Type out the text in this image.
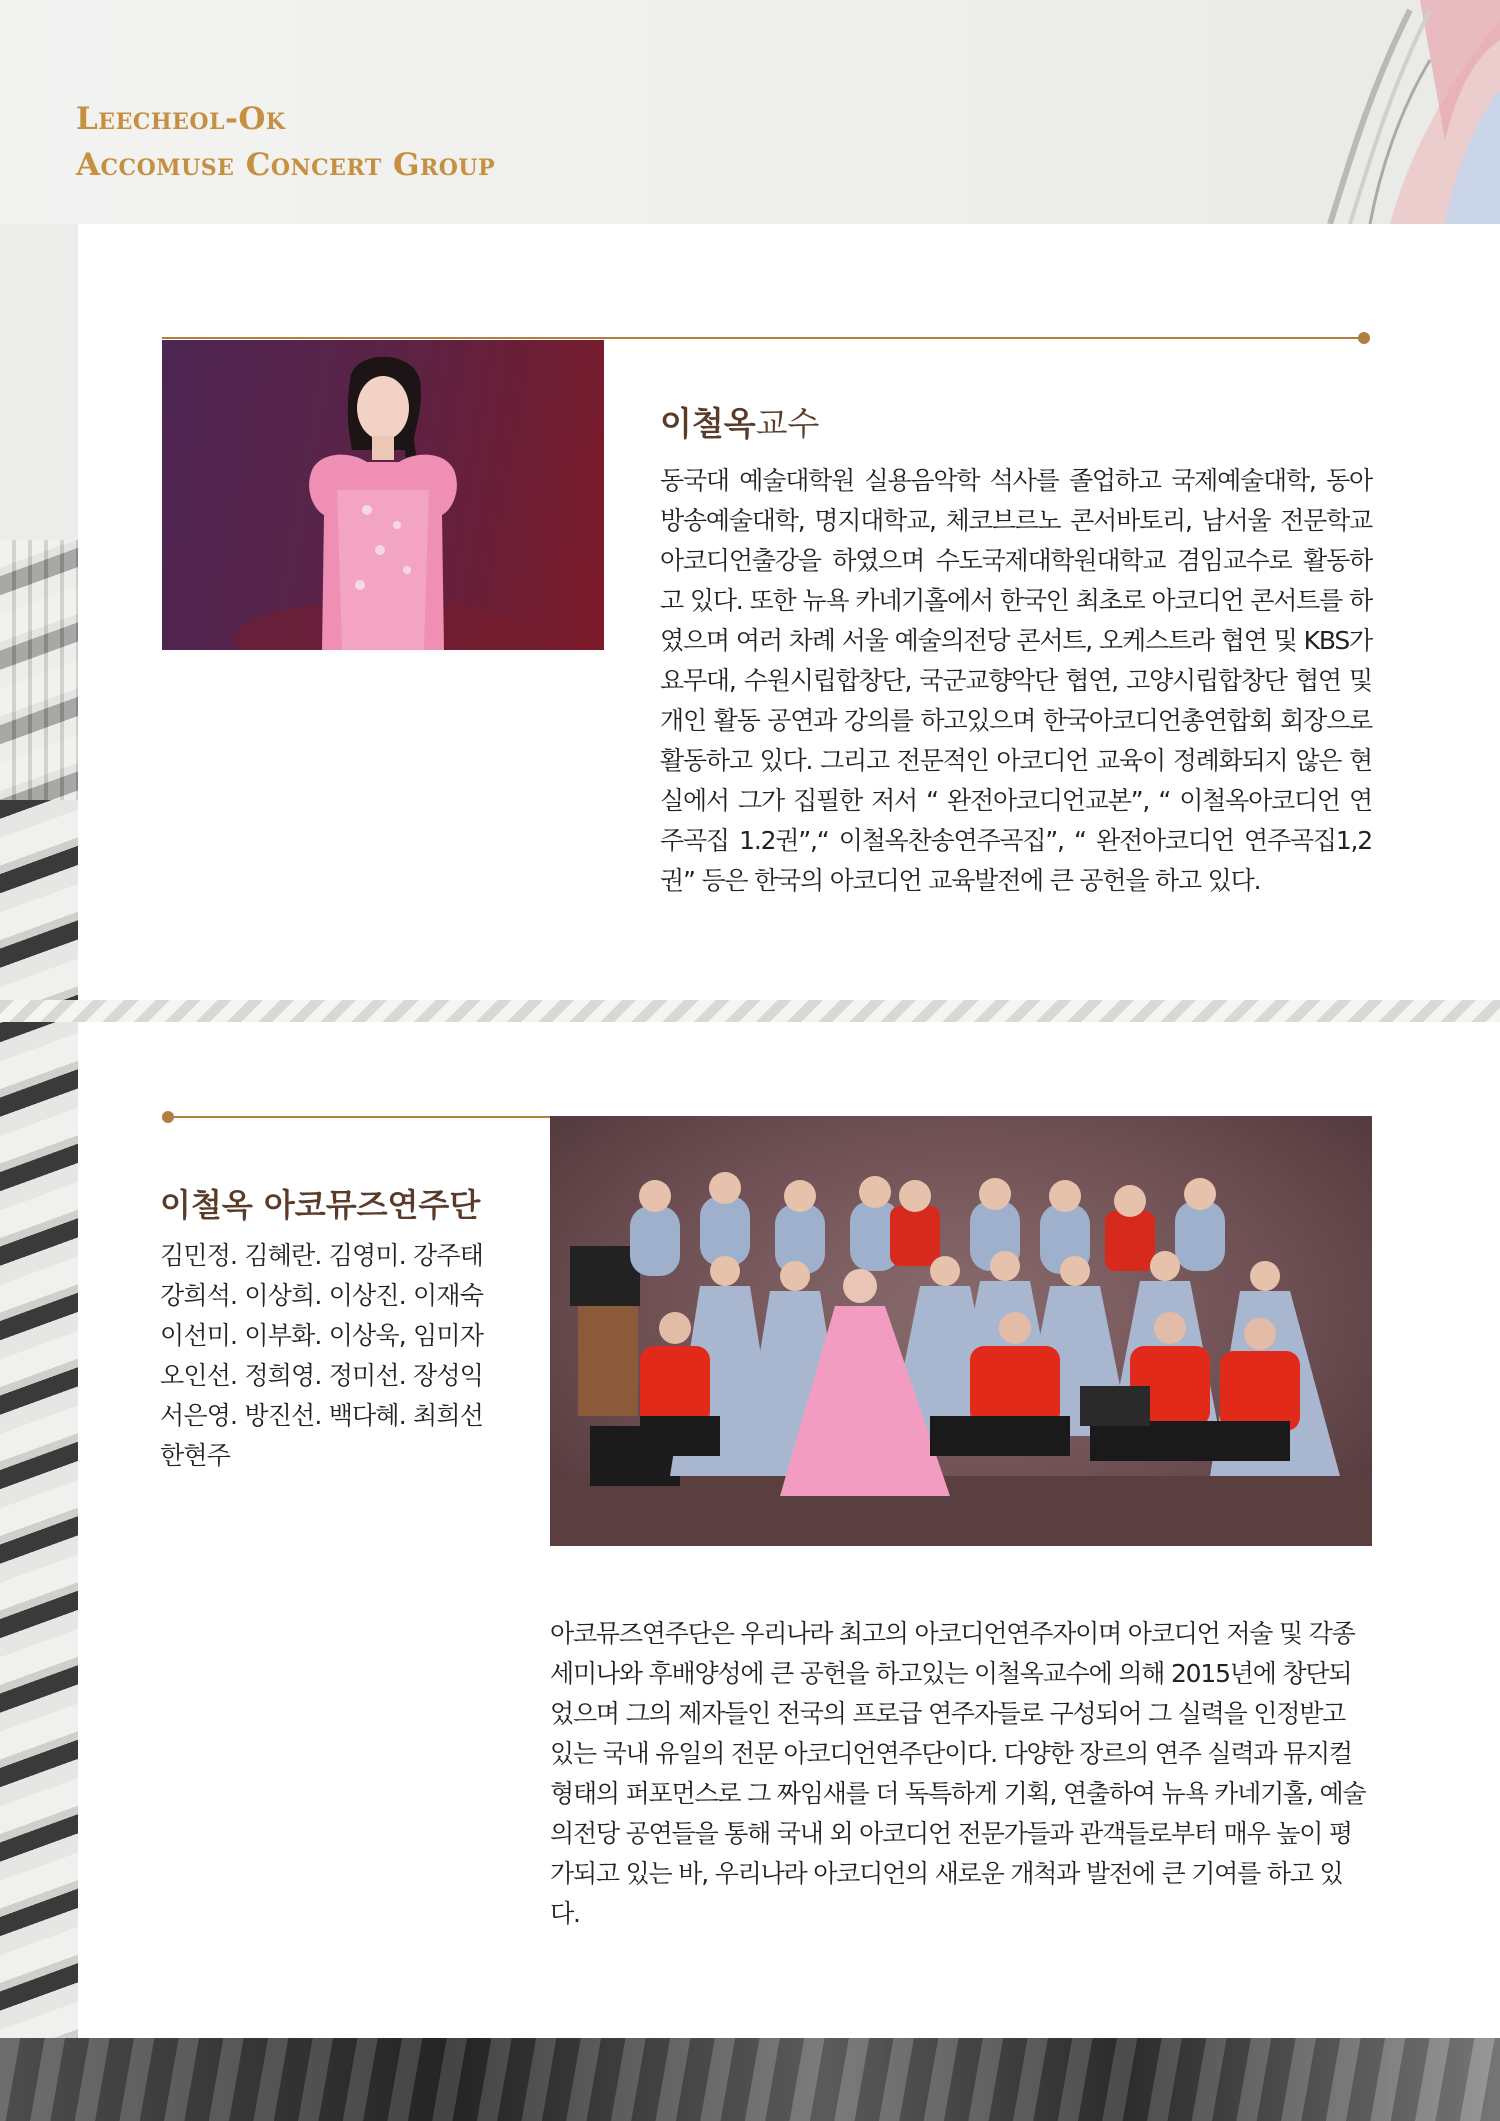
Leecheol-Ok
Accomuse Concert Group
이철옥교수

동국대 예술대학원 실용음악학 석사를 졸업하고 국제예술대학, 동아방송예술대학, 명지대학교, 체코브르노 콘서바토리, 남서울 전문학교 아코디언출강을 하였으며 수도국제대학원대학교 겸임교수로 활동하고 있다. 또한 뉴욕 카네기홀에서 한국인 최초로 아코디언 콘서트를 하였으며 여러 차례 서울 예술의전당 콘서트, 오케스트라 협연 및 KBS가요무대, 수원시립합창단, 국군교향악단 협연, 고양시립합창단 협연 및 개인 활동 공연과 강의를 하고있으며 한국아코디언총연합회 회장으로 활동하고 있다. 그리고 전문적인 아코디언 교육이 정례화되지 않은 현실에서 그가 집필한 저서 “ 완전아코디언교본”, “ 이철옥아코디언 연주곡집 1.2권”,“ 이철옥찬송연주곡집”, “ 완전아코디언 연주곡집1,2권” 등은 한국의 아코디언 교육발전에 큰 공헌을 하고 있다.

이철옥 아코뮤즈연주단
김민정. 김혜란. 김영미. 강주태
강희석. 이상희. 이상진. 이재숙
이선미. 이부화. 이상욱, 임미자
오인선. 정희영. 정미선. 장성익
서은영. 방진선. 백다혜. 최희선
한현주

아코뮤즈연주단은 우리나라 최고의 아코디언연주자이며 아코디언 저술 및 각종 세미나와 후배양성에 큰 공헌을 하고있는 이철옥교수에 의해 2015년에 창단되었으며 그의 제자들인 전국의 프로급 연주자들로 구성되어 그 실력을 인정받고 있는 국내 유일의 전문 아코디언연주단이다. 다양한 장르의 연주 실력과 뮤지컬 형태의 퍼포먼스로 그 짜임새를 더 독특하게 기획, 연출하여 뉴욕 카네기홀, 예술의전당 공연들을 통해 국내 외 아코디언 전문가들과 관객들로부터 매우 높이 평가되고 있는 바, 우리나라 아코디언의 새로운 개척과 발전에 큰 기여를 하고 있다.
